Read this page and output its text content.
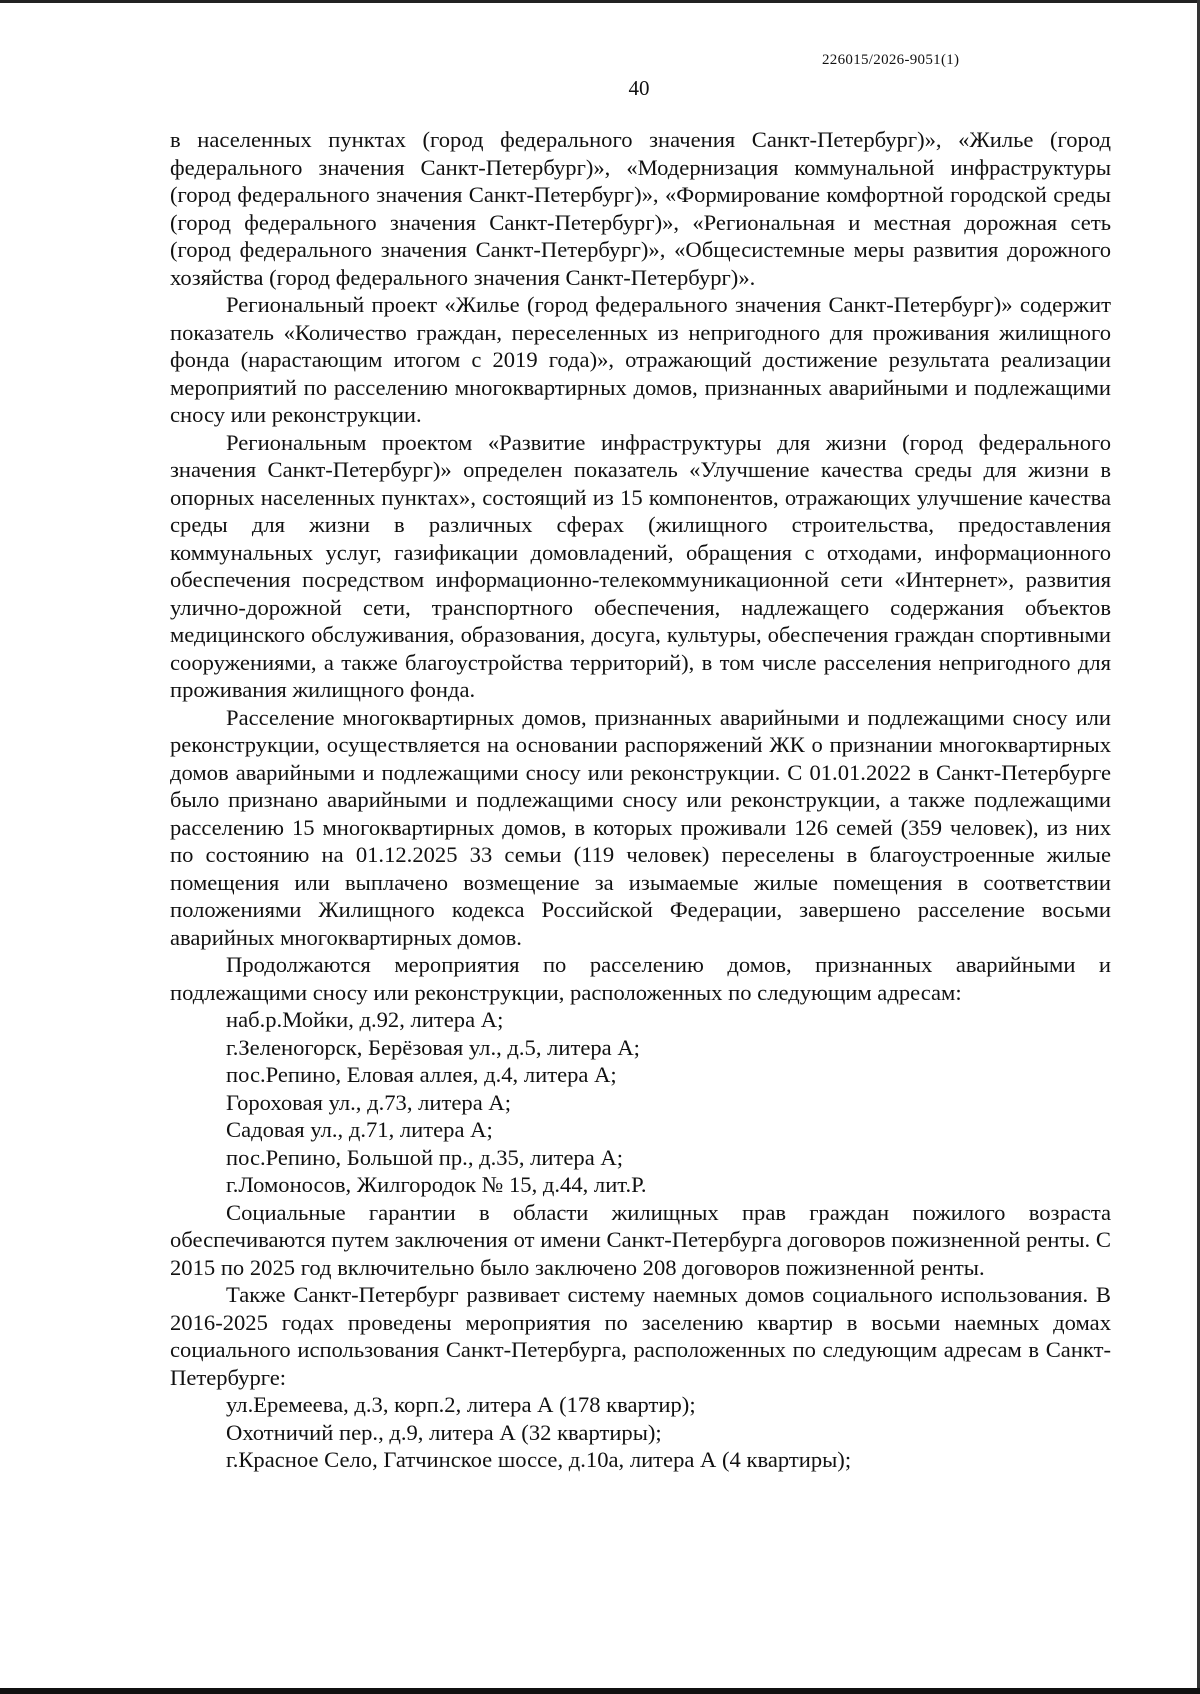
226015/2026-9051(1)
40

в населенных пунктах (город федерального значения Санкт-Петербург)», «Жилье (город федерального значения Санкт-Петербург)», «Модернизация коммунальной инфраструктуры (город федерального значения Санкт-Петербург)», «Формирование комфортной городской среды (город федерального значения Санкт-Петербург)», «Региональная и местная дорожная сеть (город федерального значения Санкт-Петербург)», «Общесистемные меры развития дорожного хозяйства (город федерального значения Санкт-Петербург)».

Региональный проект «Жилье (город федерального значения Санкт-Петербург)» содержит показатель «Количество граждан, переселенных из непригодного для проживания жилищного фонда (нарастающим итогом с 2019 года)», отражающий достижение результата реализации мероприятий по расселению многоквартирных домов, признанных аварийными и подлежащими сносу или реконструкции.

Региональным проектом «Развитие инфраструктуры для жизни (город федерального значения Санкт-Петербург)» определен показатель «Улучшение качества среды для жизни в опорных населенных пунктах», состоящий из 15 компонентов, отражающих улучшение качества среды для жизни в различных сферах (жилищного строительства, предоставления коммунальных услуг, газификации домовладений, обращения с отходами, информационного обеспечения посредством информационно-телекоммуникационной сети «Интернет», развития улично-дорожной сети, транспортного обеспечения, надлежащего содержания объектов медицинского обслуживания, образования, досуга, культуры, обеспечения граждан спортивными сооружениями, а также благоустройства территорий), в том числе расселения непригодного для проживания жилищного фонда.

Расселение многоквартирных домов, признанных аварийными и подлежащими сносу или реконструкции, осуществляется на основании распоряжений ЖК о признании многоквартирных домов аварийными и подлежащими сносу или реконструкции. С 01.01.2022 в Санкт-Петербурге было признано аварийными и подлежащими сносу или реконструкции, а также подлежащими расселению 15 многоквартирных домов, в которых проживали 126 семей (359 человек), из них по состоянию на 01.12.2025 33 семьи (119 человек) переселены в благоустроенные жилые помещения или выплачено возмещение за изымаемые жилые помещения в соответствии положениями Жилищного кодекса Российской Федерации, завершено расселение восьми аварийных многоквартирных домов.

Продолжаются мероприятия по расселению домов, признанных аварийными и подлежащими сносу или реконструкции, расположенных по следующим адресам:

наб.р.Мойки, д.92, литера А;
г.Зеленогорск, Берёзовая ул., д.5, литера А;
пос.Репино, Еловая аллея, д.4, литера А;
Гороховая ул., д.73, литера А;
Садовая ул., д.71, литера А;
пос.Репино, Большой пр., д.35, литера А;
г.Ломоносов, Жилгородок № 15, д.44, лит.Р.

Социальные гарантии в области жилищных прав граждан пожилого возраста обеспечиваются путем заключения от имени Санкт-Петербурга договоров пожизненной ренты. С 2015 по 2025 год включительно было заключено 208 договоров пожизненной ренты.

Также Санкт-Петербург развивает систему наемных домов социального использования. В 2016-2025 годах проведены мероприятия по заселению квартир в восьми наемных домах социального использования Санкт-Петербурга, расположенных по следующим адресам в Санкт-Петербурге:

ул.Еремеева, д.3, корп.2, литера А (178 квартир);
Охотничий пер., д.9, литера А (32 квартиры);
г.Красное Село, Гатчинское шоссе, д.10а, литера А (4 квартиры);
